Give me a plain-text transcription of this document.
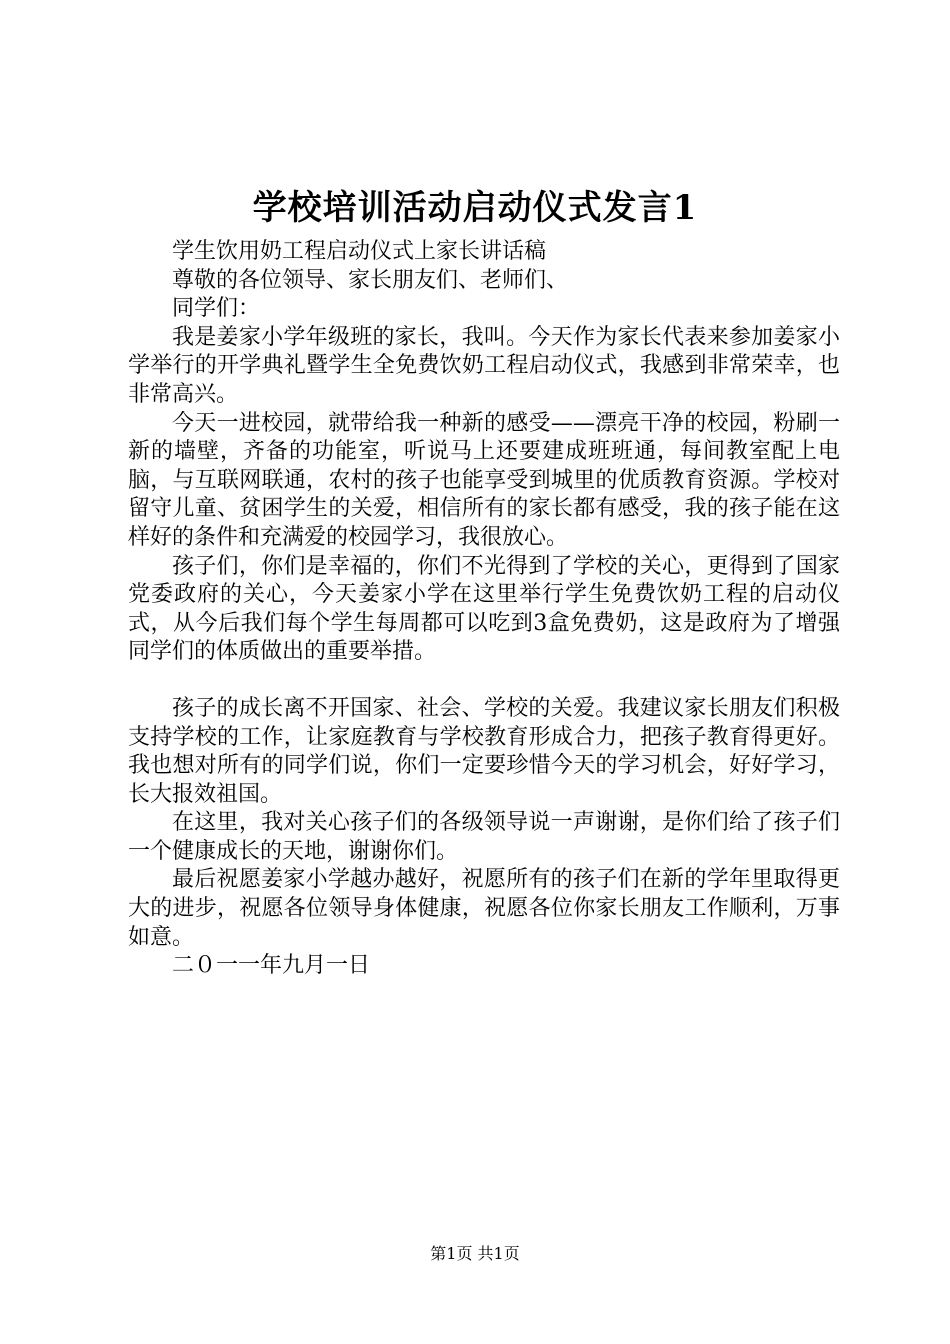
学校培训活动启动仪式发言1

学生饮用奶工程启动仪式上家长讲话稿

尊敬的各位领导、家长朋友们、老师们、

同学们：

我是姜家小学年级班的家长，我叫。今天作为家长代表来参加姜家小学举行的开学典礼暨学生全免费饮奶工程启动仪式，我感到非常荣幸，也非常高兴。

今天一进校园，就带给我一种新的感受——漂亮干净的校园，粉刷一新的墙壁，齐备的功能室，听说马上还要建成班班通，每间教室配上电脑，与互联网联通，农村的孩子也能享受到城里的优质教育资源。学校对留守儿童、贫困学生的关爱，相信所有的家长都有感受，我的孩子能在这样好的条件和充满爱的校园学习，我很放心。

孩子们，你们是幸福的，你们不光得到了学校的关心，更得到了国家党委政府的关心，今天姜家小学在这里举行学生免费饮奶工程的启动仪式，从今后我们每个学生每周都可以吃到3盒免费奶，这是政府为了增强同学们的体质做出的重要举措。

孩子的成长离不开国家、社会、学校的关爱。我建议家长朋友们积极支持学校的工作，让家庭教育与学校教育形成合力，把孩子教育得更好。我也想对所有的同学们说，你们一定要珍惜今天的学习机会，好好学习，长大报效祖国。

在这里，我对关心孩子们的各级领导说一声谢谢，是你们给了孩子们一个健康成长的天地，谢谢你们。

最后祝愿姜家小学越办越好，祝愿所有的孩子们在新的学年里取得更大的进步，祝愿各位领导身体健康，祝愿各位你家长朋友工作顺利，万事如意。

二０一一年九月一日

第1页 共1页
